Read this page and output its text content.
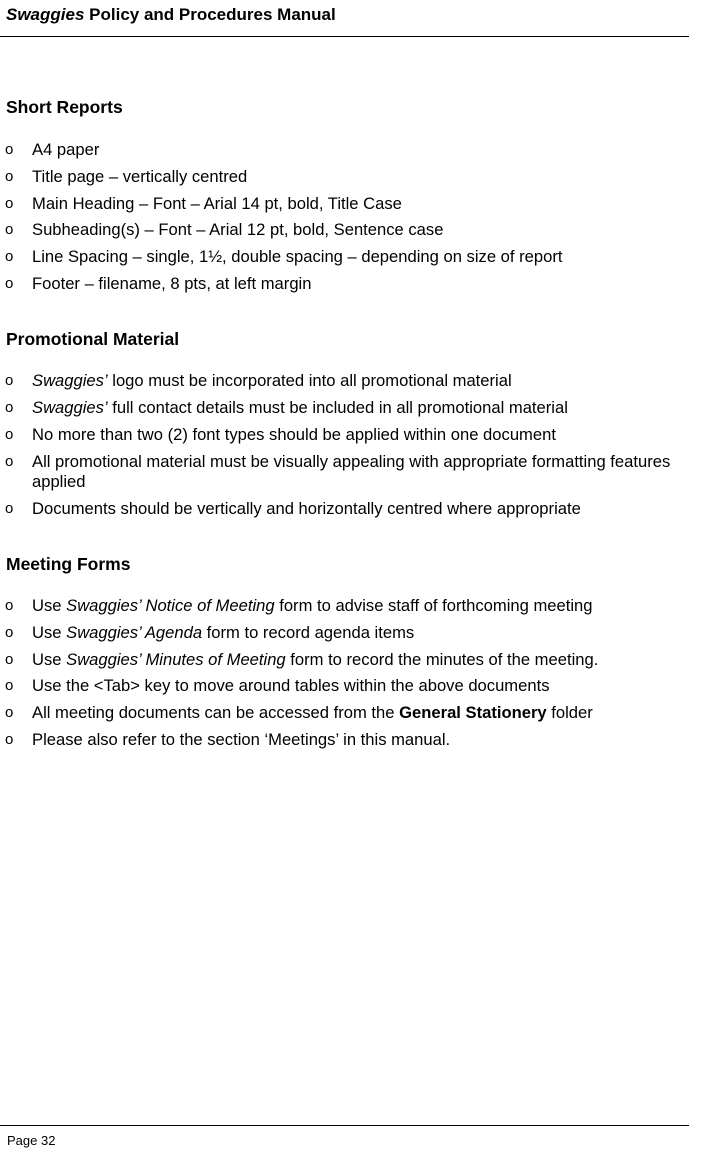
Swaggies Policy and Procedures Manual
Short Reports
o A4 paper
o Title page – vertically centred
o Main Heading – Font – Arial 14 pt, bold, Title Case
o Subheading(s) – Font – Arial 12 pt, bold, Sentence case
o Line Spacing – single, 1½, double spacing – depending on size of report
o Footer – filename, 8 pts, at left margin
Promotional Material
o Swaggies’ logo must be incorporated into all promotional material
o Swaggies’ full contact details must be included in all promotional material
o No more than two (2) font types should be applied within one document
o All promotional material must be visually appealing with appropriate formatting features applied
o Documents should be vertically and horizontally centred where appropriate
Meeting Forms
o Use Swaggies’ Notice of Meeting form to advise staff of forthcoming meeting
o Use Swaggies’ Agenda form to record agenda items
o Use Swaggies’ Minutes of Meeting form to record the minutes of the meeting.
o Use the <Tab> key to move around tables within the above documents
o All meeting documents can be accessed from the General Stationery folder
o Please also refer to the section ‘Meetings’ in this manual.
Page 32
